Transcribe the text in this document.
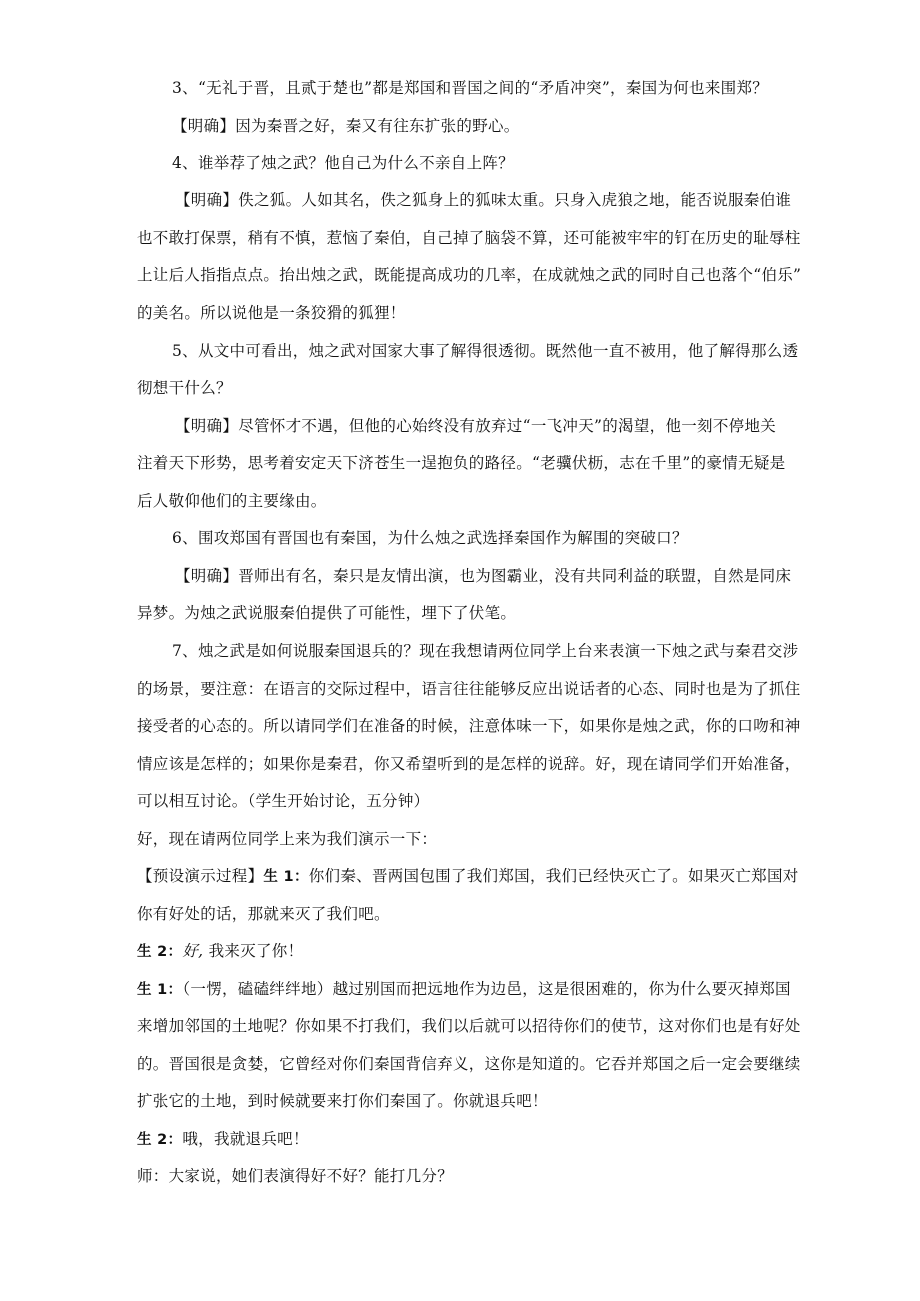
3、“无礼于晋，且贰于楚也”都是郑国和晋国之间的“矛盾冲突”，秦国为何也来围郑？
【明确】因为秦晋之好，秦又有往东扩张的野心。
4、谁举荐了烛之武？他自己为什么不亲自上阵？
【明确】佚之狐。人如其名，佚之狐身上的狐味太重。只身入虎狼之地，能否说服秦伯谁
也不敢打保票，稍有不慎，惹恼了秦伯，自己掉了脑袋不算，还可能被牢牢的钉在历史的耻辱柱
上让后人指指点点。抬出烛之武，既能提高成功的几率，在成就烛之武的同时自己也落个“伯乐”
的美名。所以说他是一条狡猾的狐狸！
5、从文中可看出，烛之武对国家大事了解得很透彻。既然他一直不被用，他了解得那么透
彻想干什么？
【明确】尽管怀才不遇，但他的心始终没有放弃过“一飞冲天”的渴望，他一刻不停地关
注着天下形势，思考着安定天下济苍生一逞抱负的路径。“老骥伏枥，志在千里”的豪情无疑是
后人敬仰他们的主要缘由。
6、围攻郑国有晋国也有秦国，为什么烛之武选择秦国作为解围的突破口？
【明确】晋师出有名，秦只是友情出演，也为图霸业，没有共同利益的联盟，自然是同床
异梦。为烛之武说服秦伯提供了可能性，埋下了伏笔。
7、烛之武是如何说服秦国退兵的？现在我想请两位同学上台来表演一下烛之武与秦君交涉
的场景，要注意：在语言的交际过程中，语言往往能够反应出说话者的心态、同时也是为了抓住
接受者的心态的。所以请同学们在准备的时候，注意体味一下，如果你是烛之武，你的口吻和神
情应该是怎样的；如果你是秦君，你又希望听到的是怎样的说辞。好，现在请同学们开始准备，
可以相互讨论。（学生开始讨论，五分钟）
好，现在请两位同学上来为我们演示一下：
【预设演示过程】生 1：你们秦、晋两国包围了我们郑国，我们已经快灭亡了。如果灭亡郑国对
你有好处的话，那就来灭了我们吧。
生 2：好, 我来灭了你！
生 1：（一愣，磕磕绊绊地）越过别国而把远地作为边邑，这是很困难的，你为什么要灭掉郑国
来增加邻国的土地呢？你如果不打我们，我们以后就可以招待你们的使节，这对你们也是有好处
的。晋国很是贪婪，它曾经对你们秦国背信弃义，这你是知道的。它吞并郑国之后一定会要继续
扩张它的土地，到时候就要来打你们秦国了。你就退兵吧！
生 2：哦，我就退兵吧！
师：大家说，她们表演得好不好？能打几分？
